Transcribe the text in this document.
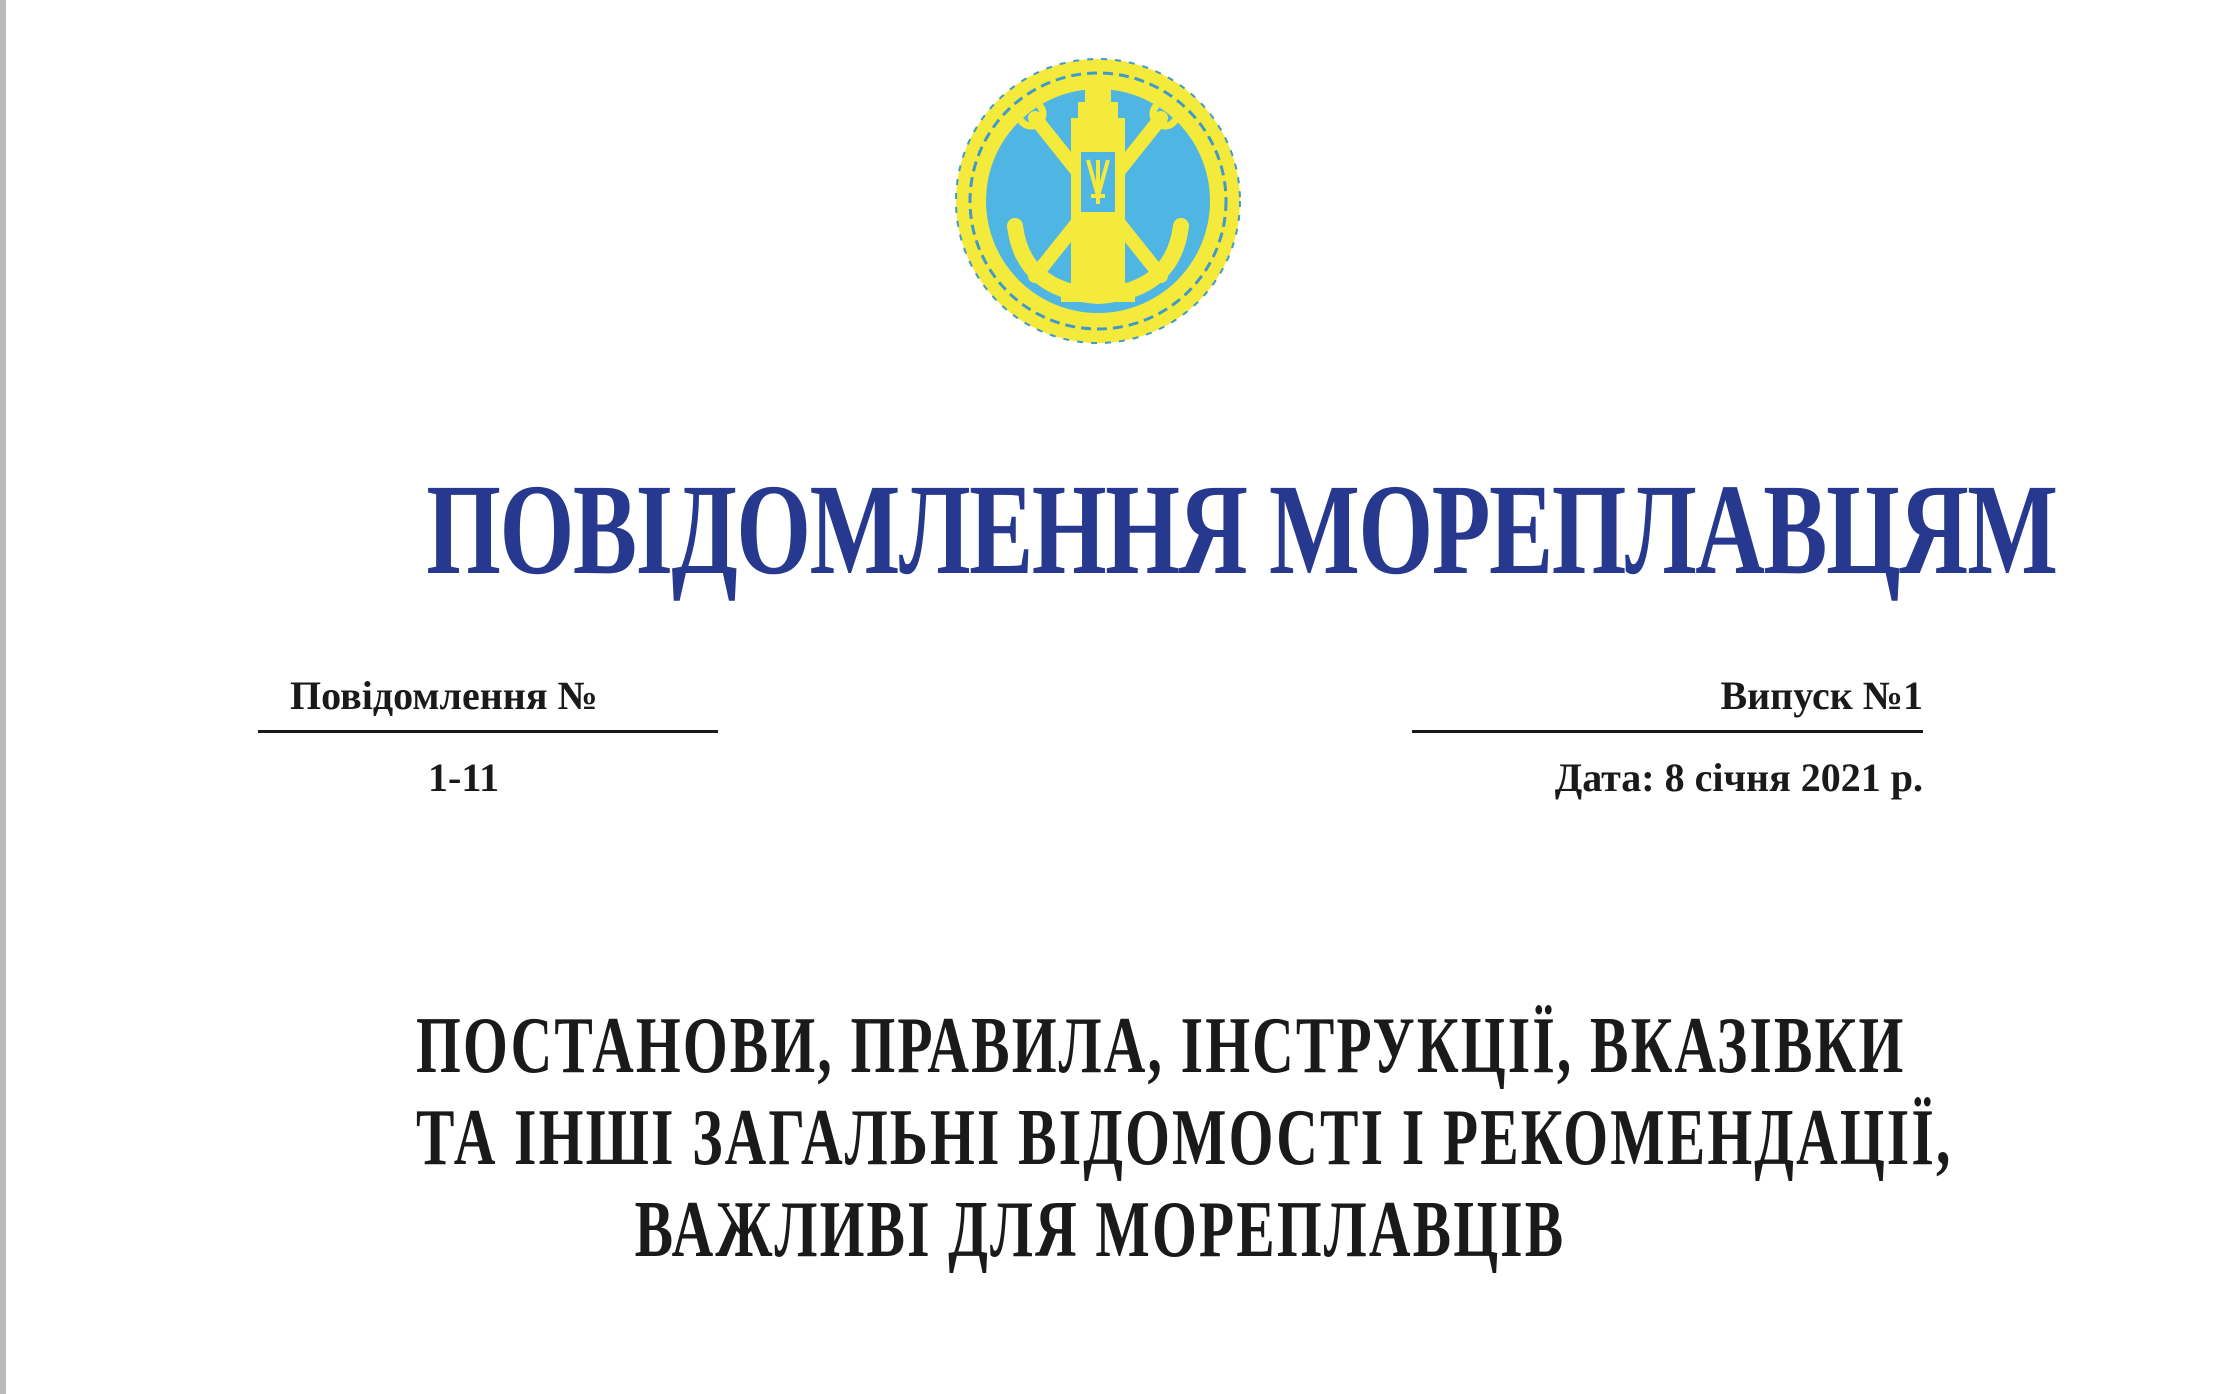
ПОВІДОМЛЕННЯ МОРЕПЛАВЦЯМ
Повідомлення №
1-11
Випуск №1
Дата: 8 січня 2021 р.
ПОСТАНОВИ, ПРАВИЛА, ІНСТРУКЦІЇ, ВКАЗІВКИ
ТА ІНШІ ЗАГАЛЬНІ ВІДОМОСТІ І РЕКОМЕНДАЦІЇ,
ВАЖЛИВІ ДЛЯ МОРЕПЛАВЦІВ
